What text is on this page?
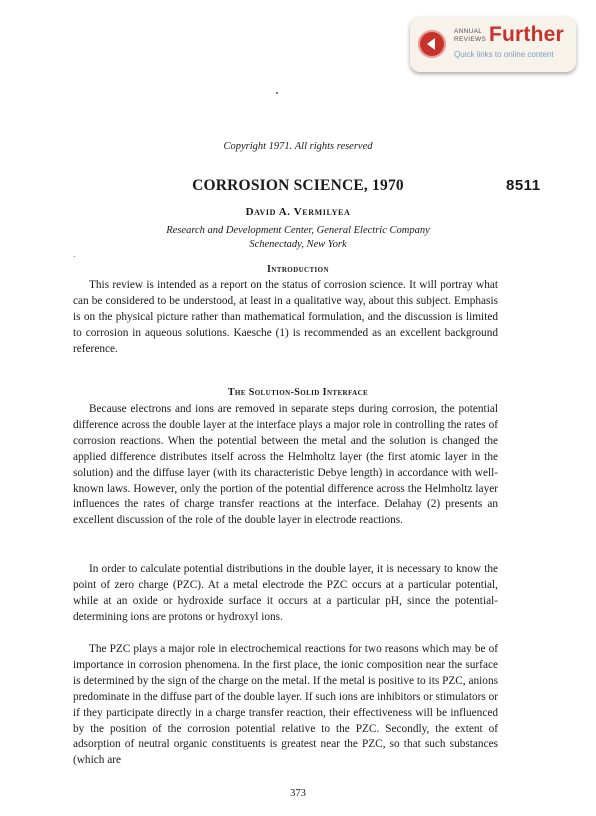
ANNUAL
REVIEWS Further
Quick links to online content
Copyright 1971. All rights reserved
CORROSION SCIENCE, 1970	8511
David A. Vermilyea
Research and Development Center, General Electric Company
Schenectady, New York
Introduction

This review is intended as a report on the status of corrosion science. It will portray what can be considered to be understood, at least in a qualitative way, about this subject. Emphasis is on the physical picture rather than mathematical formulation, and the discussion is limited to corrosion in aqueous solutions. Kaesche (1) is recommended as an excellent background reference.

The Solution-Solid Interface

Because electrons and ions are removed in separate steps during corrosion, the potential difference across the double layer at the interface plays a major role in controlling the rates of corrosion reactions. When the potential between the metal and the solution is changed the applied difference distributes itself across the Helmholtz layer (the first atomic layer in the solution) and the diffuse layer (with its characteristic Debye length) in accordance with well-known laws. However, only the portion of the potential difference across the Helmholtz layer influences the rates of charge transfer reactions at the interface. Delahay (2) presents an excellent discussion of the role of the double layer in electrode reactions.

In order to calculate potential distributions in the double layer, it is necessary to know the point of zero charge (PZC). At a metal electrode the PZC occurs at a particular potential, while at an oxide or hydroxide surface it occurs at a particular pH, since the potential-determining ions are protons or hydroxyl ions.

The PZC plays a major role in electrochemical reactions for two reasons which may be of importance in corrosion phenomena. In the first place, the ionic composition near the surface is determined by the sign of the charge on the metal. If the metal is positive to its PZC, anions predominate in the diffuse part of the double layer. If such ions are inhibitors or stimulators or if they participate directly in a charge transfer reaction, their effectiveness will be influenced by the position of the corrosion potential relative to the PZC. Secondly, the extent of adsorption of neutral organic constituents is greatest near the PZC, so that such substances (which are

373
